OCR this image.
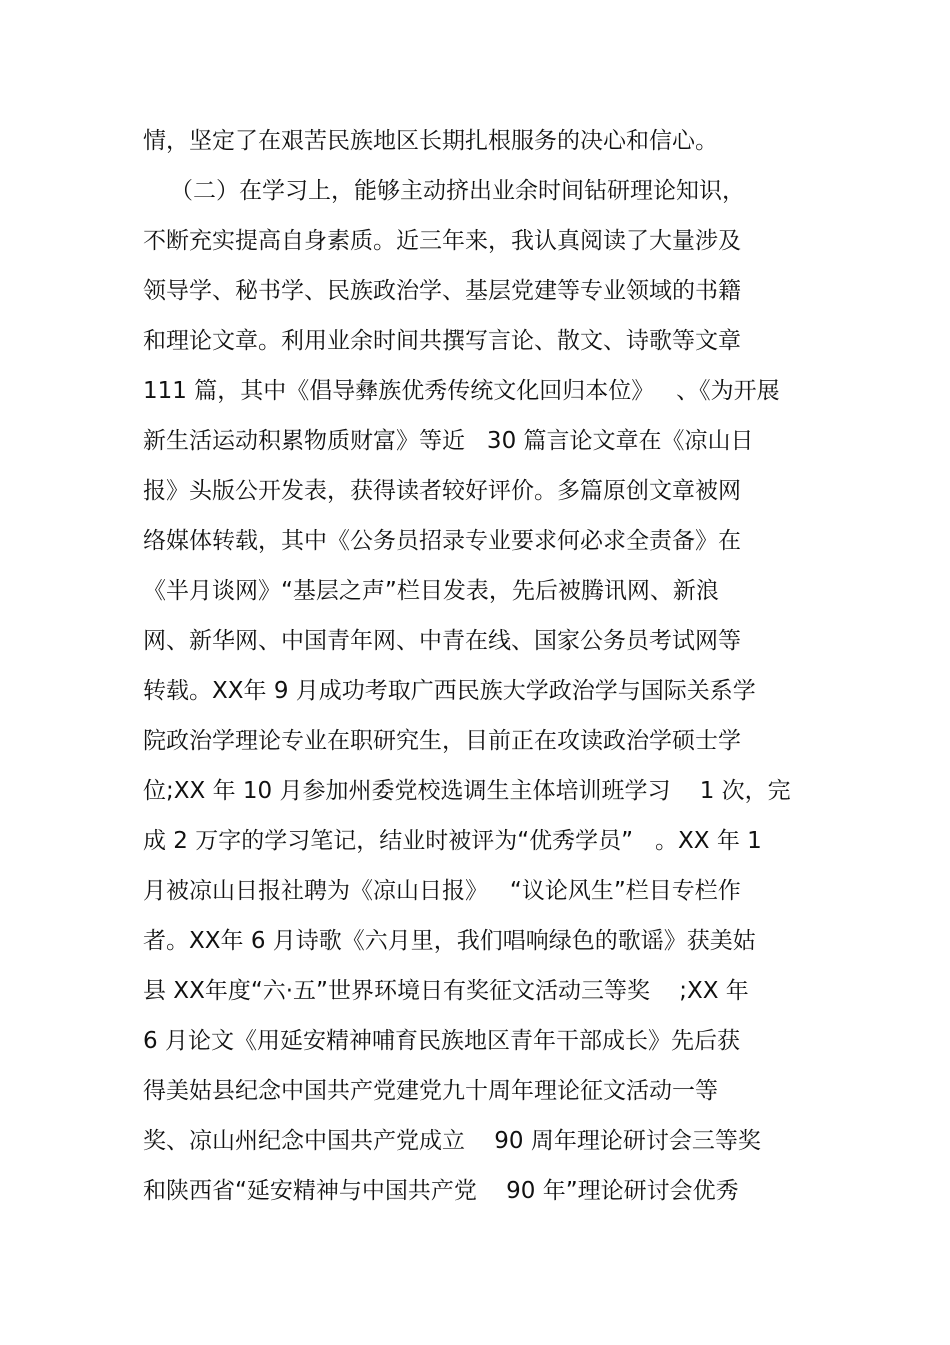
情，坚定了在艰苦民族地区长期扎根服务的决心和信心。
（二）在学习上，能够主动挤出业余时间钻研理论知识，
不断充实提高自身素质。近三年来，我认真阅读了大量涉及
领导学、秘书学、民族政治学、基层党建等专业领域的书籍
和理论文章。利用业余时间共撰写言论、散文、诗歌等文章
111 篇，其中《倡导彝族优秀传统文化回归本位》   、《为开展
新生活运动积累物质财富》等近   30 篇言论文章在《凉山日
报》头版公开发表，获得读者较好评价。多篇原创文章被网
络媒体转载，其中《公务员招录专业要求何必求全责备》在
《半月谈网》“基层之声”栏目发表，先后被腾讯网、新浪
网、新华网、中国青年网、中青在线、国家公务员考试网等
转载。XX年 9 月成功考取广西民族大学政治学与国际关系学
院政治学理论专业在职研究生，目前正在攻读政治学硕士学
位;XX 年 10 月参加州委党校选调生主体培训班学习    1 次，完
成 2 万字的学习笔记，结业时被评为“优秀学员”   。XX 年 1
月被凉山日报社聘为《凉山日报》   “议论风生”栏目专栏作
者。XX年 6 月诗歌《六月里，我们唱响绿色的歌谣》获美姑
县 XX年度“六·五”世界环境日有奖征文活动三等奖    ;XX 年
6 月论文《用延安精神哺育民族地区青年干部成长》先后获
得美姑县纪念中国共产党建党九十周年理论征文活动一等
奖、凉山州纪念中国共产党成立    90 周年理论研讨会三等奖
和陕西省“延安精神与中国共产党    90 年”理论研讨会优秀
